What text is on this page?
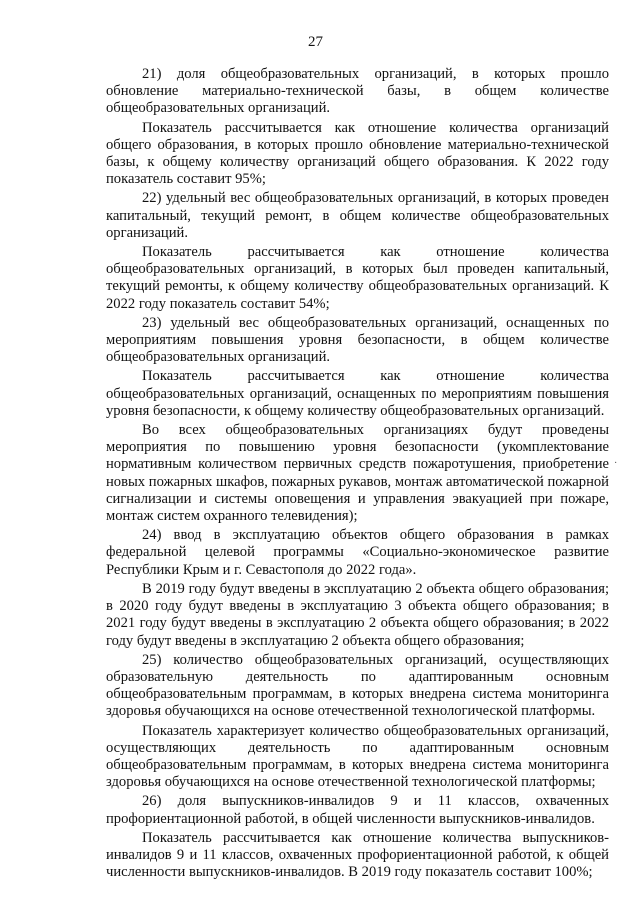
27

21) доля общеобразовательных организаций, в которых прошло обновление материально-технической базы, в общем количестве общеобразовательных организаций.

Показатель рассчитывается как отношение количества организаций общего образования, в которых прошло обновление материально-технической базы, к общему количеству организаций общего образования. К 2022 году показатель составит 95%;

22) удельный вес общеобразовательных организаций, в которых проведен капитальный, текущий ремонт, в общем количестве общеобразовательных организаций.

Показатель рассчитывается как отношение количества общеобразовательных организаций, в которых был проведен капитальный, текущий ремонты, к общему количеству общеобразовательных организаций. К 2022 году показатель составит 54%;

23) удельный вес общеобразовательных организаций, оснащенных по мероприятиям повышения уровня безопасности, в общем количестве общеобразовательных организаций.

Показатель рассчитывается как отношение количества общеобразовательных организаций, оснащенных по мероприятиям повышения уровня безопасности, к общему количеству общеобразовательных организаций.

Во всех общеобразовательных организациях будут проведены мероприятия по повышению уровня безопасности (укомплектование нормативным количеством первичных средств пожаротушения, приобретение новых пожарных шкафов, пожарных рукавов, монтаж автоматической пожарной сигнализации и системы оповещения и управления эвакуацией при пожаре, монтаж систем охранного телевидения);

24) ввод в эксплуатацию объектов общего образования в рамках федеральной целевой программы «Социально-экономическое развитие Республики Крым и г. Севастополя до 2022 года».

В 2019 году будут введены в эксплуатацию 2 объекта общего образования; в 2020 году будут введены в эксплуатацию 3 объекта общего образования; в 2021 году будут введены в эксплуатацию 2 объекта общего образования; в 2022 году будут введены в эксплуатацию 2 объекта общего образования;

25) количество общеобразовательных организаций, осуществляющих образовательную деятельность по адаптированным основным общеобразовательным программам, в которых внедрена система мониторинга здоровья обучающихся на основе отечественной технологической платформы.

Показатель характеризует количество общеобразовательных организаций, осуществляющих деятельность по адаптированным основным общеобразовательным программам, в которых внедрена система мониторинга здоровья обучающихся на основе отечественной технологической платформы;

26) доля выпускников-инвалидов 9 и 11 классов, охваченных профориентационной работой, в общей численности выпускников-инвалидов.

Показатель рассчитывается как отношение количества выпускников-инвалидов 9 и 11 классов, охваченных профориентационной работой, к общей численности выпускников-инвалидов. В 2019 году показатель составит 100%;

·
